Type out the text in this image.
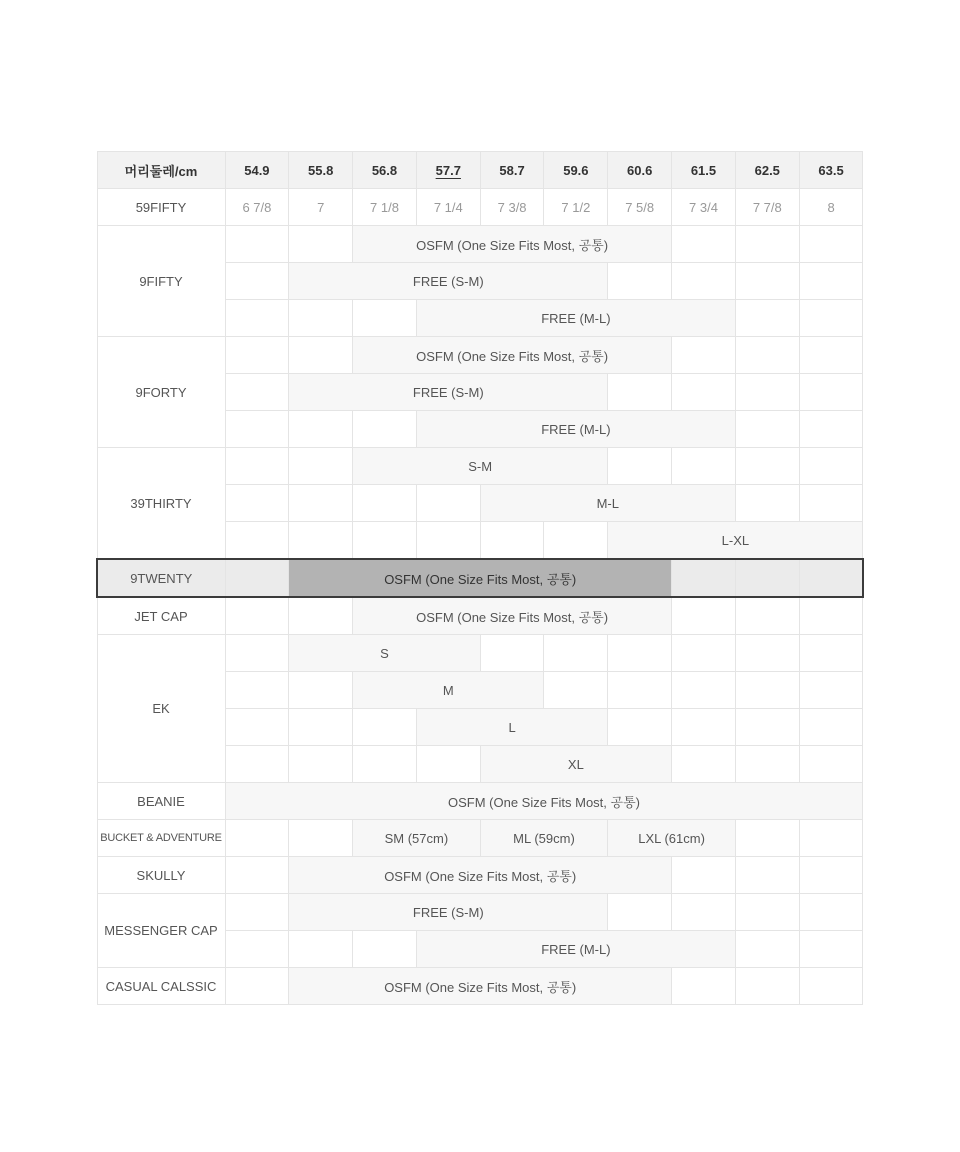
머리둘레/cm	54.9	55.8	56.8	57.7	58.7	59.6	60.6	61.5	62.5	63.5
59FIFTY	6 7/8	7	7 1/8	7 1/4	7 3/8	7 1/2	7 5/8	7 3/4	7 7/8	8
9FIFTY			OSFM (One Size Fits Most, 공통)							
		FREE (S-M)								
				FREE (M-L)						
9FORTY			OSFM (One Size Fits Most, 공통)							
		FREE (S-M)								
				FREE (M-L)						
39THIRTY			S-M							
					M-L					
							L-XL			
9TWENTY		OSFM (One Size Fits Most, 공통)								
JET CAP			OSFM (One Size Fits Most, 공통)							
EK		S								
			M							
				L						
					XL					
BEANIE	OSFM (One Size Fits Most, 공통)									
BUCKET & ADVENTURE			SM (57cm)		ML (59cm)		LXL (61cm)			
SKULLY		OSFM (One Size Fits Most, 공통)								
MESSENGER CAP		FREE (S-M)								
				FREE (M-L)						
CASUAL CALSSIC		OSFM (One Size Fits Most, 공통)								
